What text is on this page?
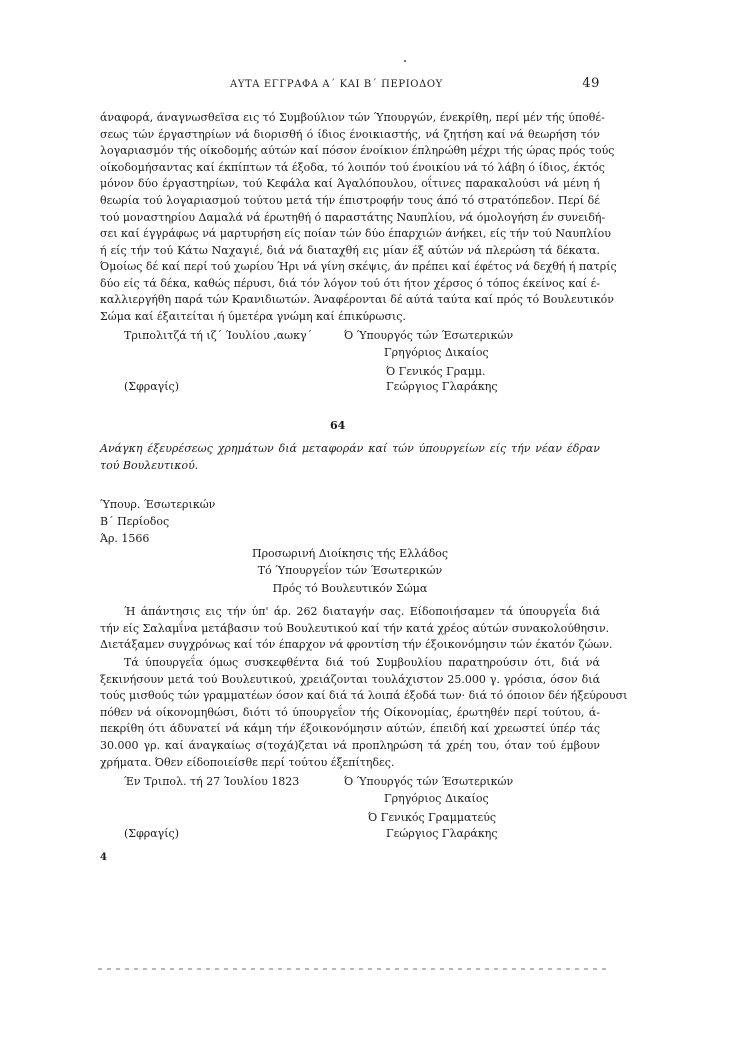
ΑΥΤΑ ΕΓΓΡΑΦΑ Α΄ ΚΑΙ Β΄ ΠΕΡΙΟΔΟΥ	49
άναφορά, άναγνωσθεϊσα εις τό Συμβούλιον τών Ύπουργών, ένεκρίθη, περί μέν τής ύποθέ-
σεως τών έργαστηρίων νά διορισθή ό ίδιος ένοικιαστής, νά ζητήση καί νά θεωρήση τόν
λογαριασμόν τής οίκοδομής αύτών καί πόσον ένοίκιον έπληρώθη μέχρι τής ώρας πρός τούς
οίκοδομήσαντας καί έκπίπτων τά έξοδα, τό λοιπόν τού ένοικίου νά τό λάβη ό ίδιος, έκτός
μόνον δύο έργαστηρίων, τού Κεφάλα καί Άγαλόπουλου, οΐτινες παρακαλούσι νά μένη ή
θεωρία τού λογαριασμού τούτου μετά τήν έπιστροφήν τους άπό τό στρατόπεδον. Περί δέ
τού μοναστηρίου Δαμαλά νά έρωτηθή ό παραστάτης Ναυπλίου, νά όμολογήση έν συνειδή-
σει καί έγγράφως νά μαρτυρήση είς ποίαν τών δύο έπαρχιών άνήκει, είς τήν τού Ναυπλίου
ή είς τήν τού Κάτω Ναχαγιέ, διά νά διαταχθή εις μίαν έξ αύτών νά πλερώση τά δέκατα.
Όμοίως δέ καί περί τού χωρίου Ήρι νά γίνη σκέψις, άν πρέπει καί έφέτος νά δεχθή ή πατρίς
δύο είς τά δέκα, καθώς πέρυσι, διά τόν λόγον τού ότι ήτον χέρσος ό τόπος έκείνος καί έ-
καλλιεργήθη παρά τών Κρανιδιωτών. Άναφέρονται δέ αύτά ταύτα καί πρός τό Βουλευτικόν
Σώμα καί έξαιτείται ή ύμετέρα γνώμη καί έπικύρωσις.
Τριπολιτζά τή ιζ΄ Ίουλίου ,αωκγ΄	Ό Ύπουργός τών Έσωτερικών
Γρηγόριος Δικαίος
Ό Γενικός Γραμμ.
(Σφραγίς)	Γεώργιος Γλαράκης
64
Ανάγκη έξευρέσεως χρημάτων διά μεταφοράν καί τών ύπουργείων είς τήν νέαν έδραν
τού Βουλευτικού.
Ύπουρ. Έσωτερικών
Β΄ Περίοδος
Άρ. 1566
Προσωρινή Διοίκησις τής Ελλάδος
Τό Ύπουργεΐον τών Έσωτερικών
Πρός τό Βουλευτικόν Σώμα
Ή άπάντησις εις τήν ύπ' άρ. 262 διαταγήν σας. Είδοποιήσαμεν τά ύπουργεΐα διά
τήν είς Σαλαμΐνα μετάβασιν τού Βουλευτικού καί τήν κατά χρέος αύτών συνακολούθησιν.
Διετάξαμεν συγχρόνως καί τόν έπαρχον νά φροντίση τήν έξοικονόμησιν τών έκατόν ζώων.
Τά ύπουργεΐα όμως συσκεφθέντα διά τού Συμβουλίου παρατηρούσιν ότι, διά νά
ξεκινήσουν μετά τού Βουλευτικού, χρειάζονται τουλάχιστον 25.000 γ. γρόσια, όσον διά
τούς μισθούς τών γραμματέων όσον καί διά τά λοιπά έξοδά των· διά τό όποιον δέν ήξεύρουσι
πόθεν νά οίκονομηθώσι, διότι τό ύπουργεΐον τής Οίκονομίας, έρωτηθέν περί τούτου, ά-
πεκρίθη ότι άδυνατεί νά κάμη τήν έξοικονόμησιν αύτών, έπειδή καί χρεωστεί ύπέρ τάς
30.000 γρ. καί άναγκαίως σ(τοχά)ζεται νά προπληρώση τά χρέη του, όταν τού έμβουν
χρήματα. Όθεν είδοποιείσθε περί τούτου έξεπίτηδες.
Έν Τριπολ. τή 27 Ίουλίου 1823	Ό Ύπουργός τών Έσωτερικών
Γρηγόριος Δικαίος
Ό Γενικός Γραμματεύς
(Σφραγίς)	Γεώργιος Γλαράκης
4
